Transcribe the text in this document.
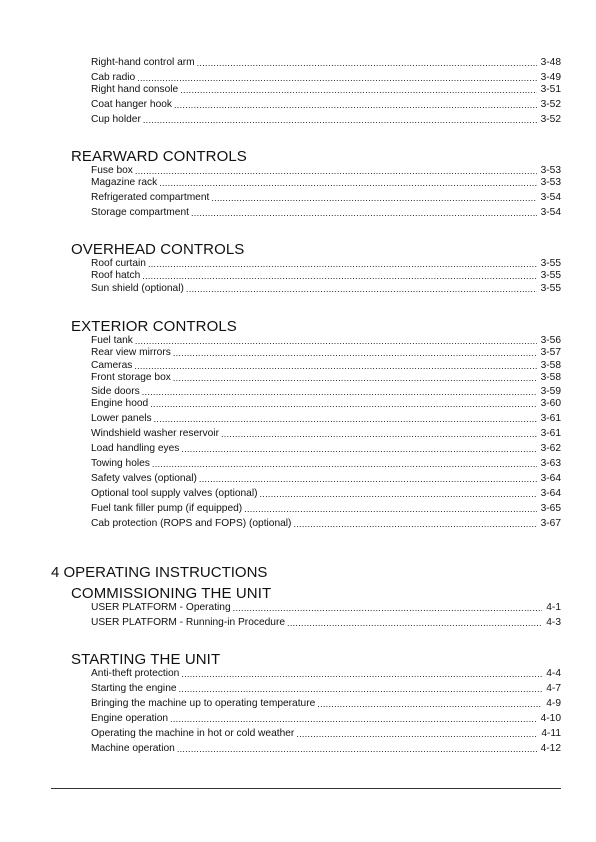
Right-hand control arm . . .	3-48
Cab radio . . .	3-49
Right hand console . . .	3-51
Coat hanger hook . . .	3-52
Cup holder . . .	3-52
REARWARD CONTROLS
Fuse box . . .	3-53
Magazine rack . . .	3-53
Refrigerated compartment . . .	3-54
Storage compartment . . .	3-54
OVERHEAD CONTROLS
Roof curtain . . .	3-55
Roof hatch . . .	3-55
Sun shield (optional) . . .	3-55
EXTERIOR CONTROLS
Fuel tank . . .	3-56
Rear view mirrors . . .	3-57
Cameras . . .	3-58
Front storage box . . .	3-58
Side doors . . .	3-59
Engine hood . . .	3-60
Lower panels . . .	3-61
Windshield washer reservoir . . .	3-61
Load handling eyes . . .	3-62
Towing holes . . .	3-63
Safety valves (optional) . . .	3-64
Optional tool supply valves (optional) . . .	3-64
Fuel tank filler pump (if equipped) . . .	3-65
Cab protection (ROPS and FOPS) (optional) . . .	3-67
4 OPERATING INSTRUCTIONS
COMMISSIONING THE UNIT
USER PLATFORM - Operating . . .	4-1
USER PLATFORM - Running-in Procedure . . .	4-3
STARTING THE UNIT
Anti-theft protection . . .	4-4
Starting the engine . . .	4-7
Bringing the machine up to operating temperature . . .	4-9
Engine operation . . .	4-10
Operating the machine in hot or cold weather . . .	4-11
Machine operation . . .	4-12
